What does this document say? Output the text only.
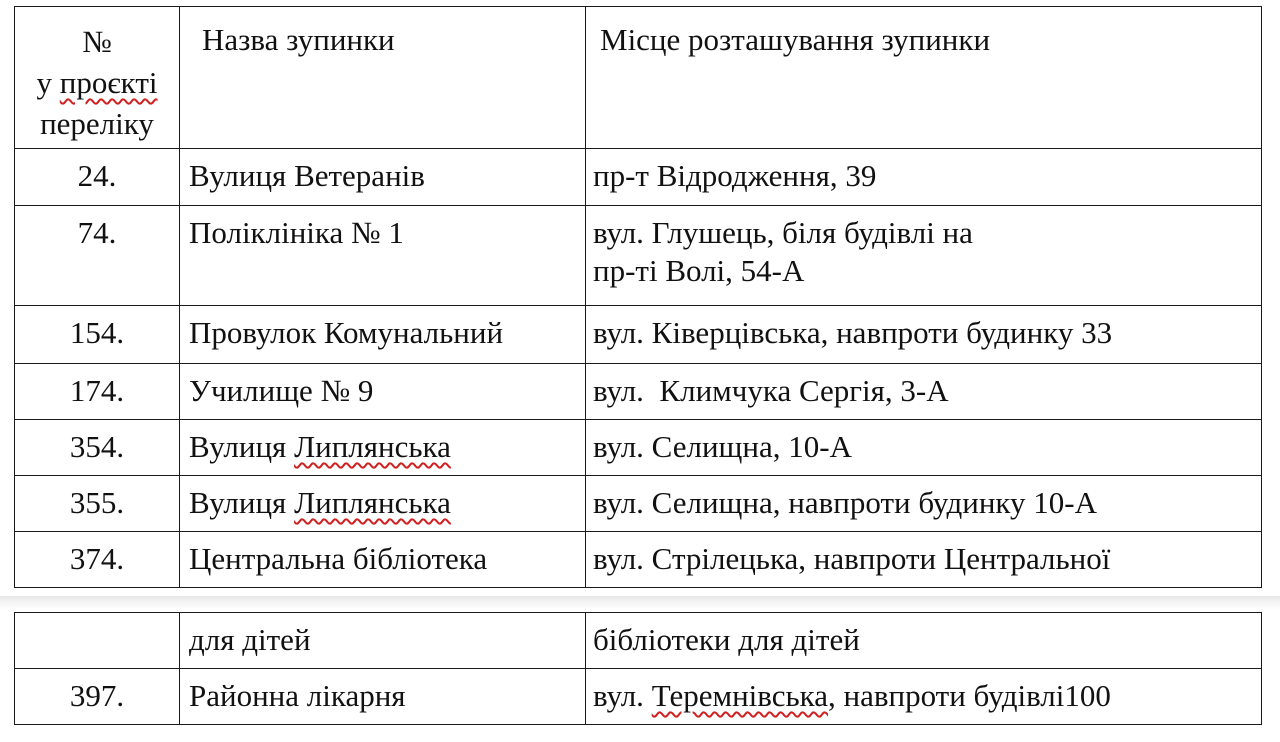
№
у проєкті
переліку	Назва зупинки	Місце розташування зупинки

24.	Вулиця Ветеранів	пр-т Відродження, 39

74.	Поліклініка № 1	вул. Глушець, біля будівлі на
пр-ті Волі, 54-А

154.	Провулок Комунальний	вул. Ківерцівська, навпроти будинку 33

174.	Училище № 9	вул.  Климчука Сергія, 3-А

354.	Вулиця Липлянська	вул. Селищна, 10-А

355.	Вулиця Липлянська	вул. Селищна, навпроти будинку 10-А

374.	Центральна бібліотека	вул. Стрілецька, навпроти Центральної

	для дітей	бібліотеки для дітей

397.	Районна лікарня	вул. Теремнівська, навпроти будівлі100
